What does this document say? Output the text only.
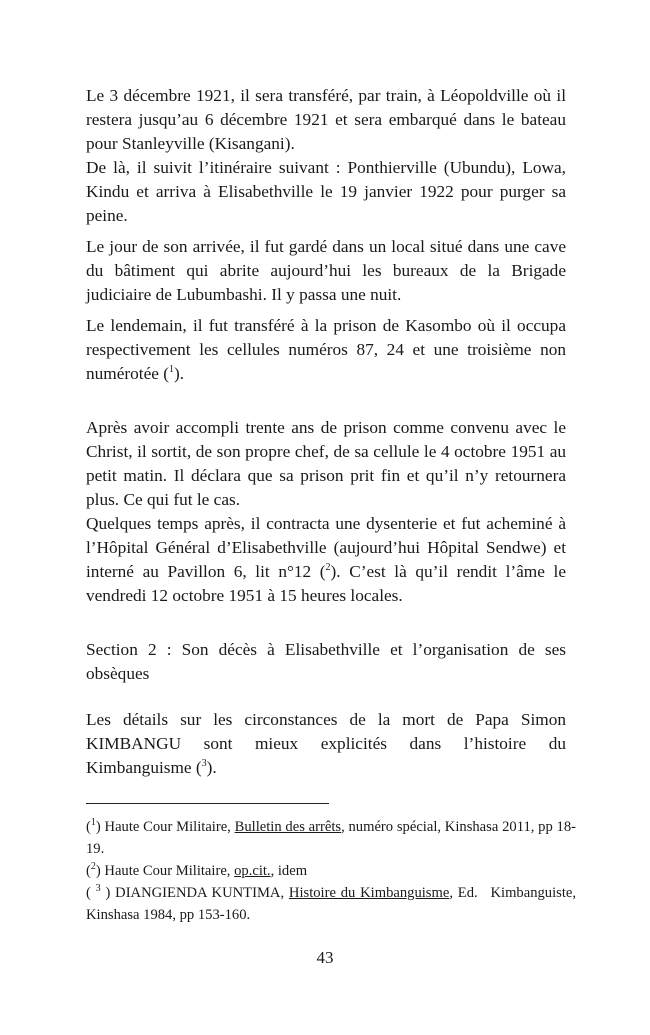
Le 3 décembre 1921, il sera transféré, par train, à Léopoldville où il restera jusqu’au 6 décembre 1921 et sera embarqué dans le bateau pour Stanleyville (Kisangani).

De là, il suivit l’itinéraire suivant : Ponthierville (Ubundu), Lowa, Kindu et arriva à Elisabethville le 19 janvier 1922 pour purger sa peine.

Le jour de son arrivée, il fut gardé dans un local situé dans une cave du bâtiment qui abrite aujourd’hui les bureaux de la Brigade judiciaire de Lubumbashi. Il y passa une nuit.

Le lendemain, il fut transféré à la prison de Kasombo où il occupa respectivement les cellules numéros 87, 24 et une troisième non numérotée ($^1$).

Après avoir accompli trente ans de prison comme convenu avec le Christ, il sortit, de son propre chef, de sa cellule le 4 octobre 1951 au petit matin. Il déclara que sa prison prit fin et qu’il n’y retournera plus. Ce qui fut le cas.

Quelques temps après, il contracta une dysenterie et fut acheminé à l’Hôpital Général d’Elisabethville (aujourd’hui Hôpital Sendwe) et interné au Pavillon 6, lit n°12 ($^2$). C’est là qu’il rendit l’âme le vendredi 12 octobre 1951 à 15 heures locales.

Section 2 : Son décès à Elisabethville et l’organisation de ses obsèques

Les détails sur les circonstances de la mort de Papa Simon KIMBANGU sont mieux explicités dans l’histoire du Kimbanguisme ($^3$).

($^1$) Haute Cour Militaire, Bulletin des arrêts, numéro spécial, Kinshasa 2011, pp 18-19.

($^2$) Haute Cour Militaire, op.cit., idem

( $^3$ ) DIANGIENDA KUNTIMA, Histoire du Kimbanguisme, Ed. Kimbanguiste, Kinshasa 1984, pp 153-160.

43
